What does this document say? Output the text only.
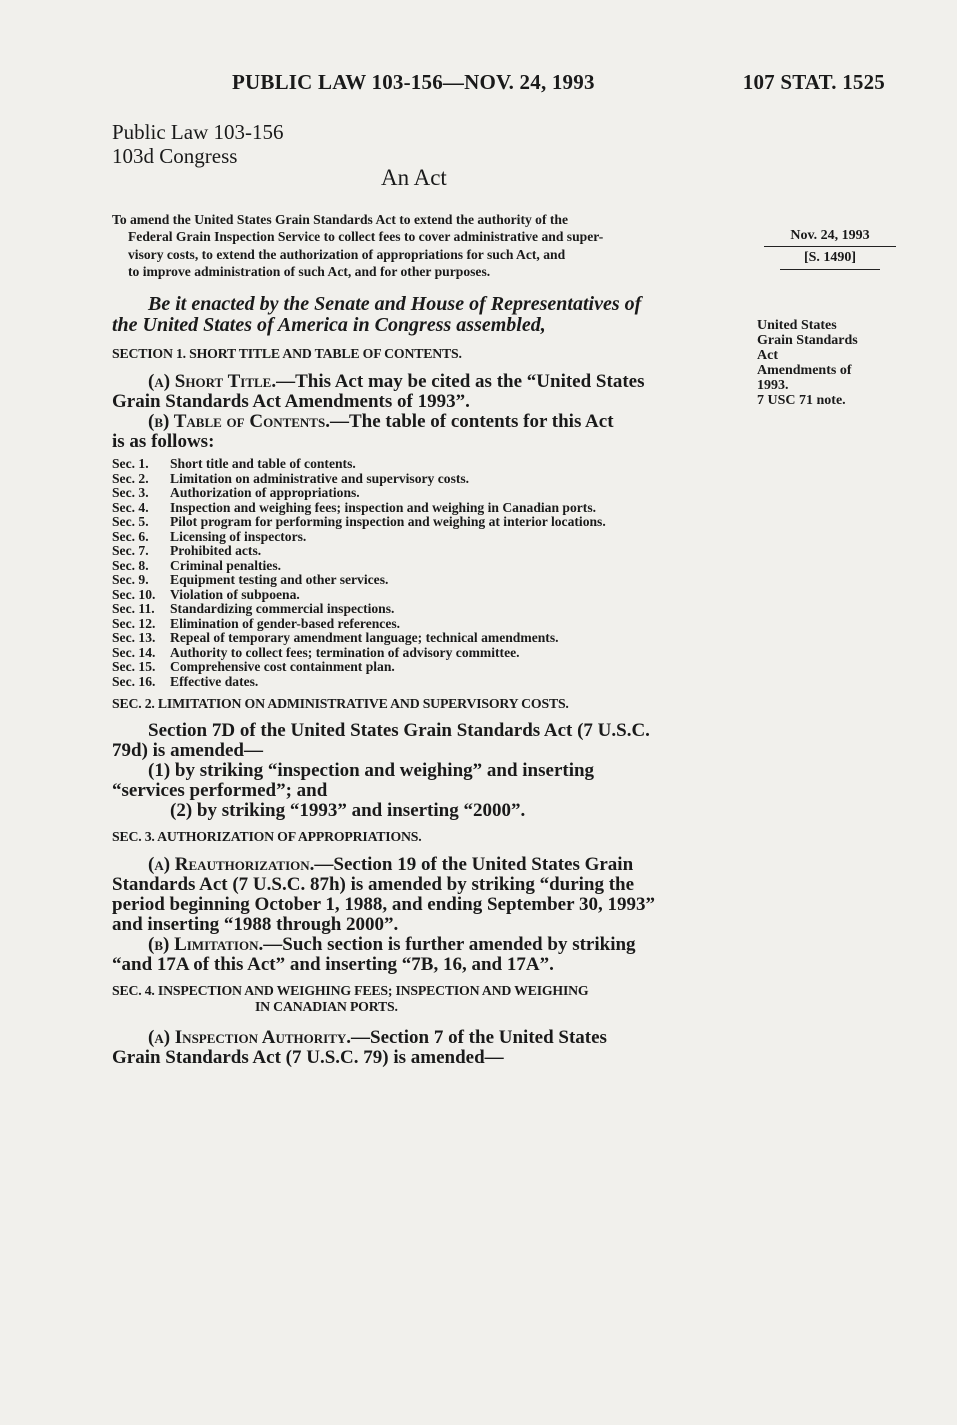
PUBLIC LAW 103-156—NOV. 24, 1993	107 STAT. 1525
Public Law 103-156
103d Congress
An Act
To amend the United States Grain Standards Act to extend the authority of the
Federal Grain Inspection Service to collect fees to cover administrative and super-
visory costs, to extend the authorization of appropriations for such Act, and
to improve administration of such Act, and for other purposes.
Nov. 24, 1993
[S. 1490]
United States
Grain Standards
Act
Amendments of
1993.
7 USC 71 note.
Be it enacted by the Senate and House of Representatives of
the United States of America in Congress assembled,
SECTION 1. SHORT TITLE AND TABLE OF CONTENTS.
(a) Short Title.—This Act may be cited as the “United States
Grain Standards Act Amendments of 1993”.
(b) Table of Contents.—The table of contents for this Act
is as follows:
Sec. 1.	Short title and table of contents.
Sec. 2.	Limitation on administrative and supervisory costs.
Sec. 3.	Authorization of appropriations.
Sec. 4.	Inspection and weighing fees; inspection and weighing in Canadian ports.
Sec. 5.	Pilot program for performing inspection and weighing at interior locations.
Sec. 6.	Licensing of inspectors.
Sec. 7.	Prohibited acts.
Sec. 8.	Criminal penalties.
Sec. 9.	Equipment testing and other services.
Sec. 10.	Violation of subpoena.
Sec. 11.	Standardizing commercial inspections.
Sec. 12.	Elimination of gender-based references.
Sec. 13.	Repeal of temporary amendment language; technical amendments.
Sec. 14.	Authority to collect fees; termination of advisory committee.
Sec. 15.	Comprehensive cost containment plan.
Sec. 16.	Effective dates.
SEC. 2. LIMITATION ON ADMINISTRATIVE AND SUPERVISORY COSTS.
Section 7D of the United States Grain Standards Act (7 U.S.C.
79d) is amended—
(1) by striking “inspection and weighing” and inserting
“services performed”; and
(2) by striking “1993” and inserting “2000”.
SEC. 3. AUTHORIZATION OF APPROPRIATIONS.
(a) Reauthorization.—Section 19 of the United States Grain
Standards Act (7 U.S.C. 87h) is amended by striking “during the
period beginning October 1, 1988, and ending September 30, 1993”
and inserting “1988 through 2000”.
(b) Limitation.—Such section is further amended by striking
“and 17A of this Act” and inserting “7B, 16, and 17A”.
SEC. 4. INSPECTION AND WEIGHING FEES; INSPECTION AND WEIGHING
IN CANADIAN PORTS.
(a) Inspection Authority.—Section 7 of the United States
Grain Standards Act (7 U.S.C. 79) is amended—
